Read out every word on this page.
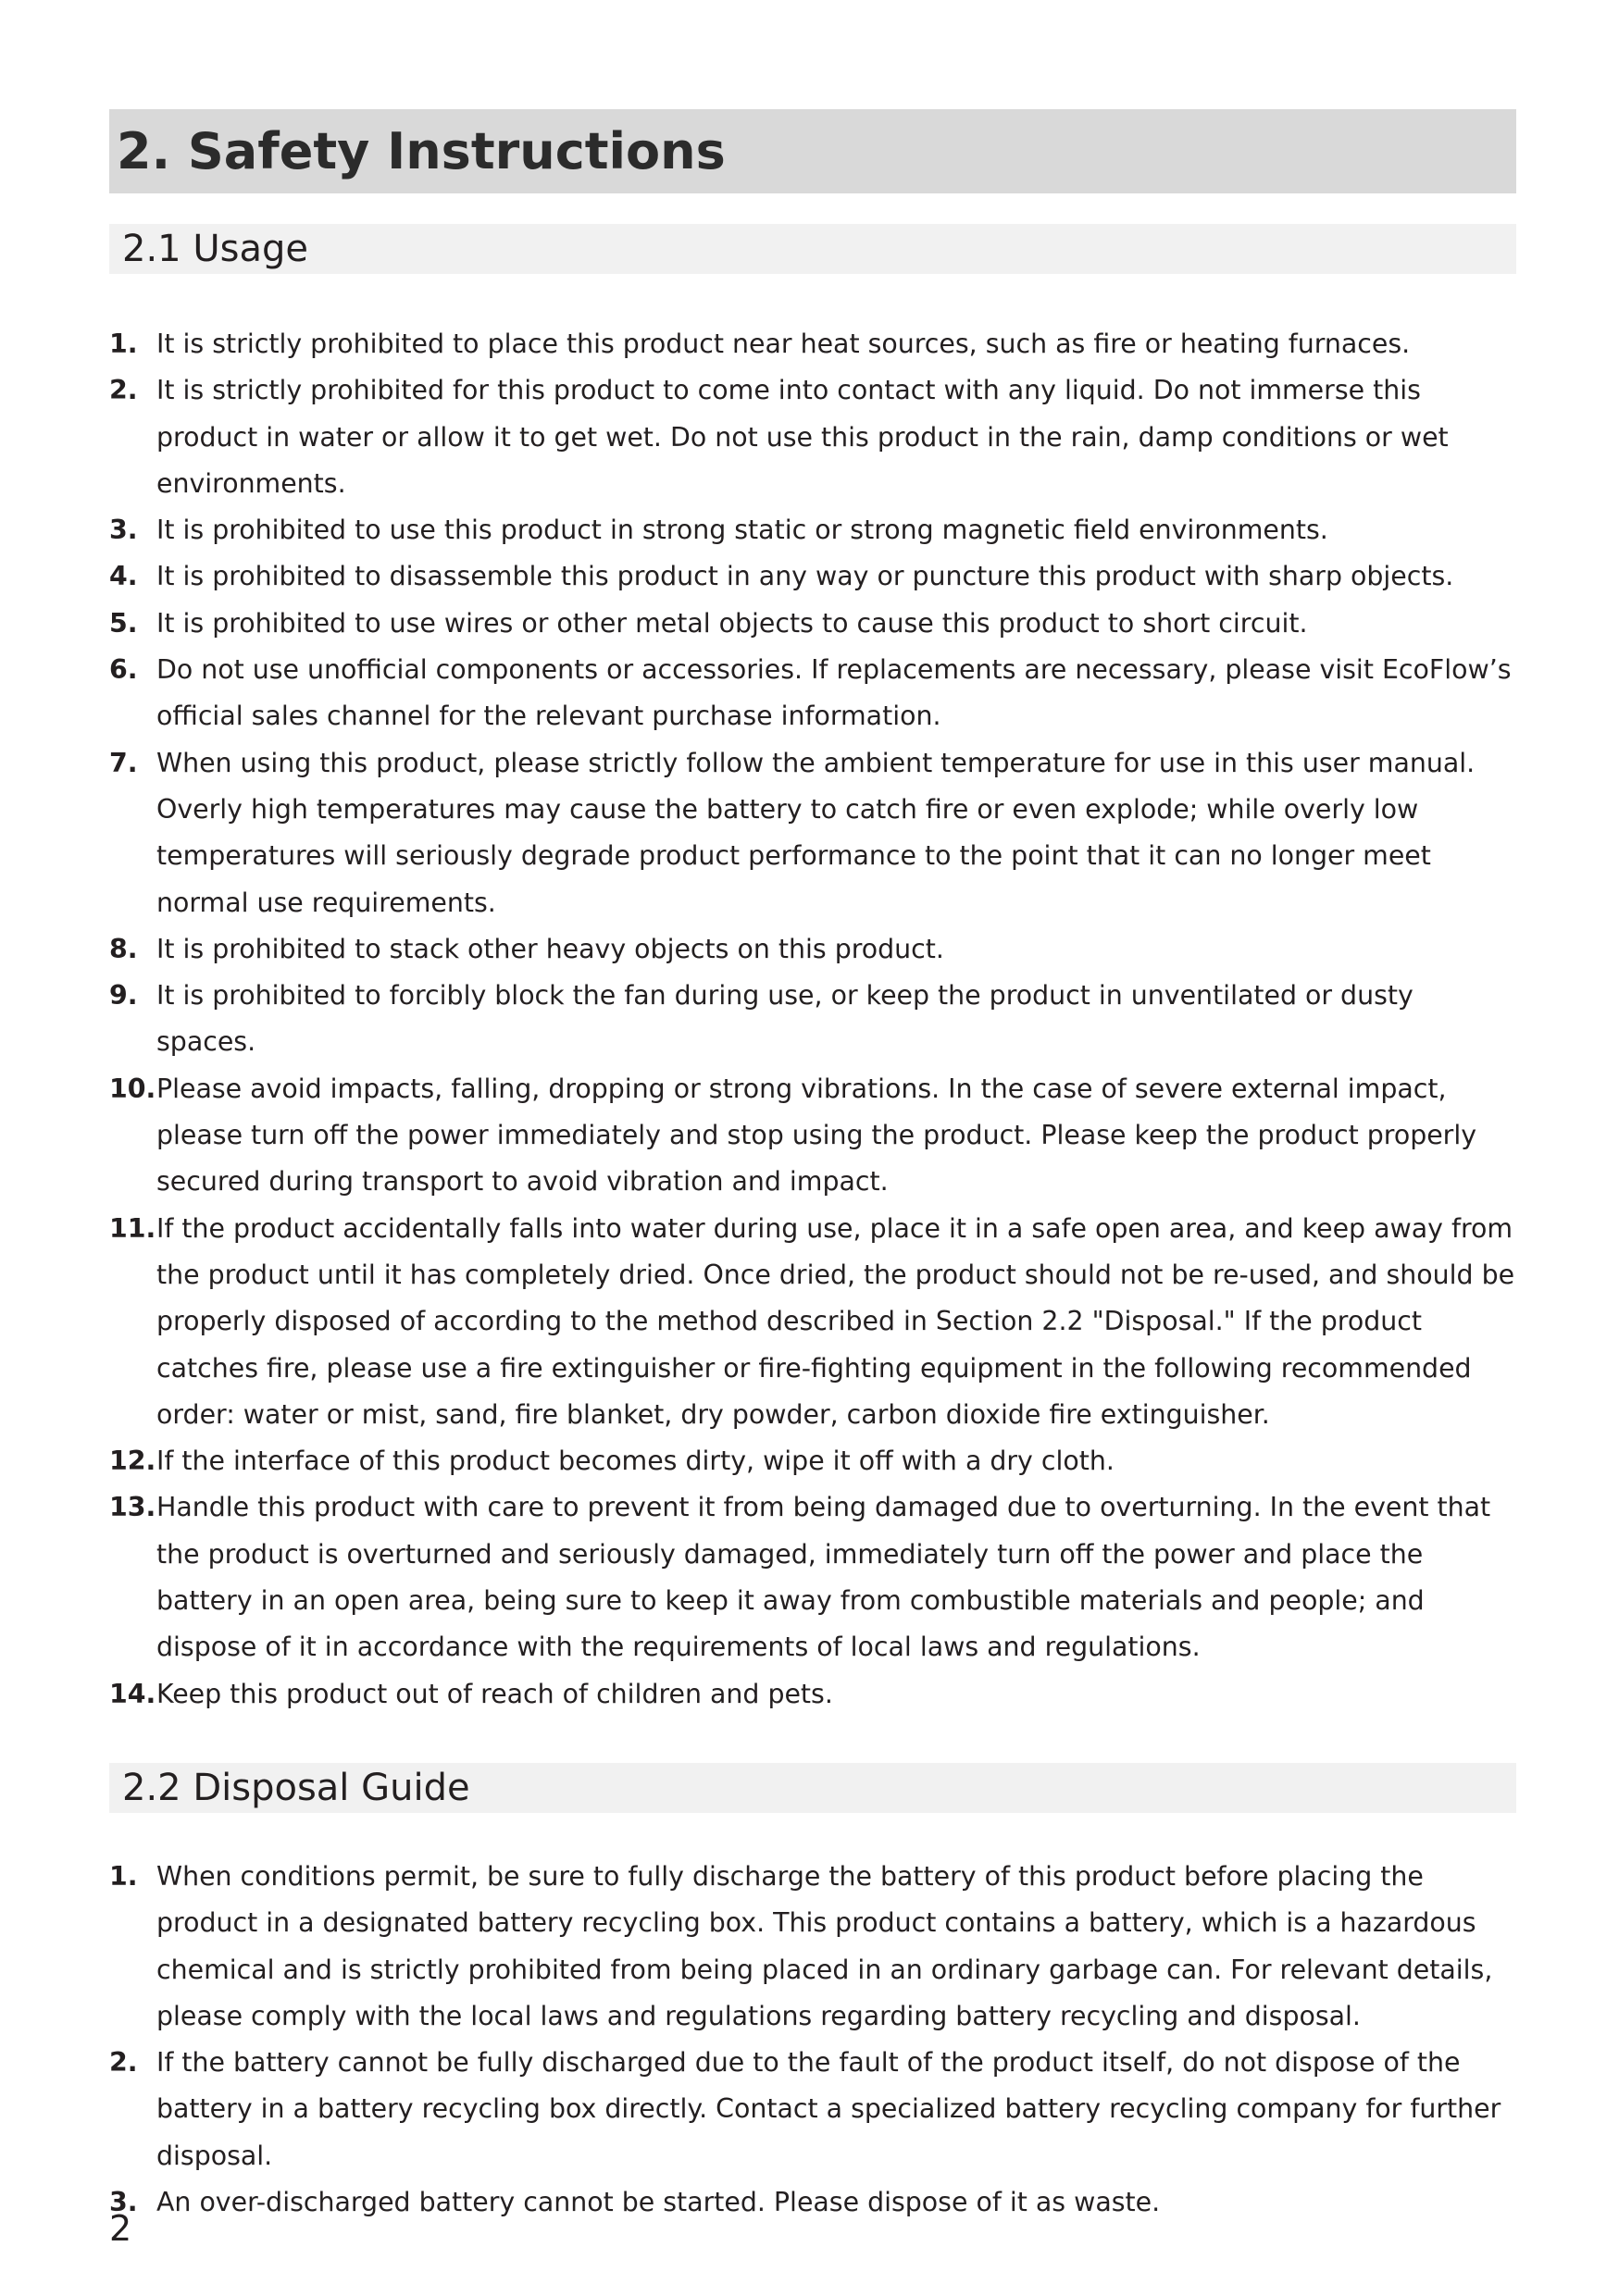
2. Safety Instructions
2.1 Usage
1. It is strictly prohibited to place this product near heat sources, such as fire or heating furnaces.
2. It is strictly prohibited for this product to come into contact with any liquid. Do not immerse this product in water or allow it to get wet. Do not use this product in the rain, damp conditions or wet environments.
3. It is prohibited to use this product in strong static or strong magnetic field environments.
4. It is prohibited to disassemble this product in any way or puncture this product with sharp objects.
5. It is prohibited to use wires or other metal objects to cause this product to short circuit.
6. Do not use unofficial components or accessories. If replacements are necessary, please visit EcoFlow’s official sales channel for the relevant purchase information.
7. When using this product, please strictly follow the ambient temperature for use in this user manual. Overly high temperatures may cause the battery to catch fire or even explode; while overly low temperatures will seriously degrade product performance to the point that it can no longer meet normal use requirements.
8. It is prohibited to stack other heavy objects on this product.
9. It is prohibited to forcibly block the fan during use, or keep the product in unventilated or dusty spaces.
10. Please avoid impacts, falling, dropping or strong vibrations. In the case of severe external impact, please turn off the power immediately and stop using the product. Please keep the product properly secured during transport to avoid vibration and impact.
11. If the product accidentally falls into water during use, place it in a safe open area, and keep away from the product until it has completely dried. Once dried, the product should not be re-used, and should be properly disposed of according to the method described in Section 2.2 "Disposal." If the product catches fire, please use a fire extinguisher or fire-fighting equipment in the following recommended order: water or mist, sand, fire blanket, dry powder, carbon dioxide fire extinguisher.
12. If the interface of this product becomes dirty, wipe it off with a dry cloth.
13. Handle this product with care to prevent it from being damaged due to overturning. In the event that the product is overturned and seriously damaged, immediately turn off the power and place the battery in an open area, being sure to keep it away from combustible materials and people; and dispose of it in accordance with the requirements of local laws and regulations.
14. Keep this product out of reach of children and pets.
2.2 Disposal Guide
1. When conditions permit, be sure to fully discharge the battery of this product before placing the product in a designated battery recycling box. This product contains a battery, which is a hazardous chemical and is strictly prohibited from being placed in an ordinary garbage can. For relevant details, please comply with the local laws and regulations regarding battery recycling and disposal.
2. If the battery cannot be fully discharged due to the fault of the product itself, do not dispose of the battery in a battery recycling box directly. Contact a specialized battery recycling company for further disposal.
3. An over-discharged battery cannot be started. Please dispose of it as waste.
2
